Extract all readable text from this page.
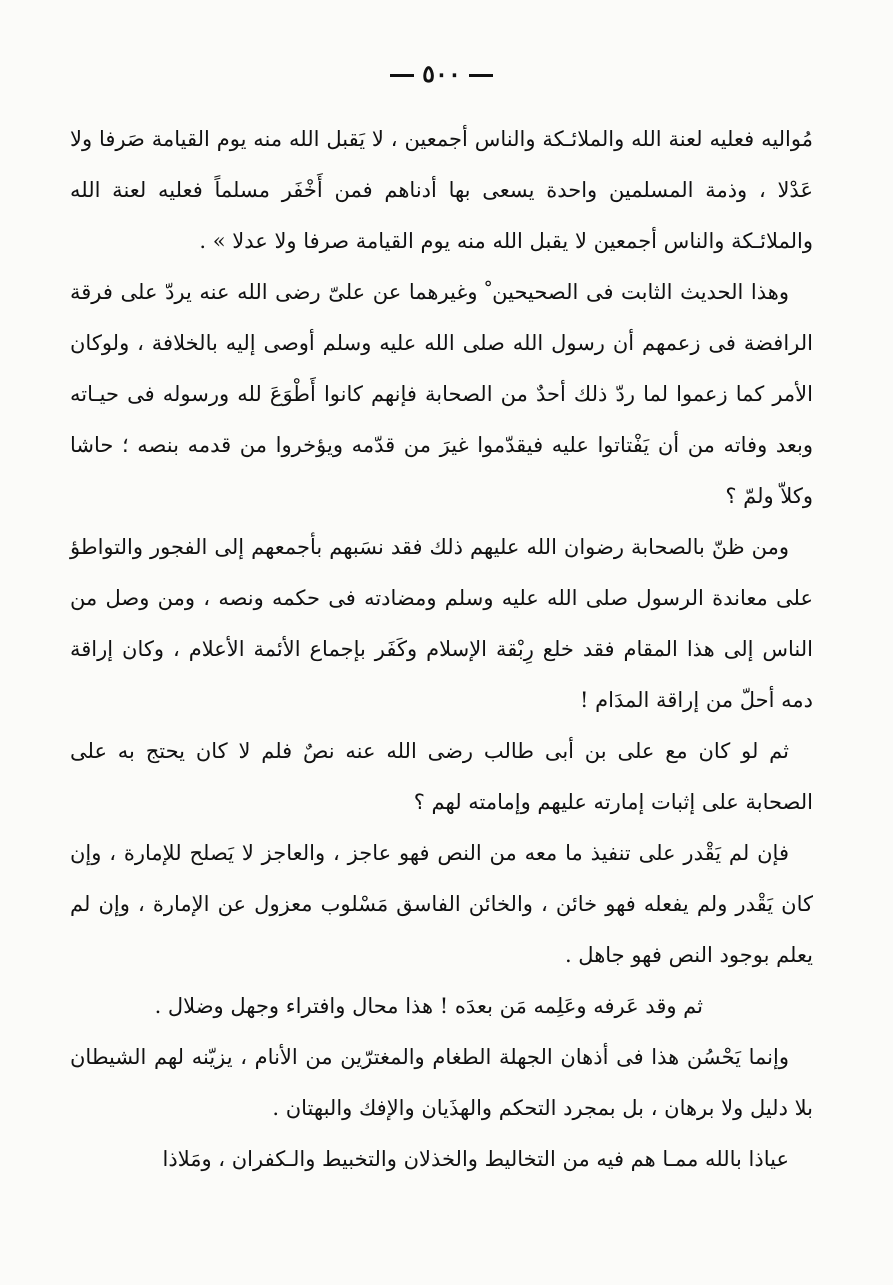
٥٠٠

مُواليه فعليه لعنة الله والملائـكة والناس أجمعين ، لا يَقبل الله منه يوم القيامة صَرفا ولا عَدْلا ، وذمة المسلمين واحدة يسعى بها أدناهم فمن أَخْفَر مسلماً فعليه لعنة الله والملائـكة والناس أجمعين لا يقبل الله منه يوم القيامة صرفا ولا عدلا » .

وهذا الحديث الثابت فى الصحيحين ْ وغيرهما عن علىّ رضى الله عنه يردّ على فرقة الرافضة فى زعمهم أن رسول الله صلى الله عليه وسلم أوصى إليه بالخلافة ، ولوكان الأمر كما زعموا لما ردّ ذلك أحدٌ من الصحابة فإنهم كانوا أَطْوَعَ لله ورسوله فى حيـاته وبعد وفاته من أن يَفْتاتوا عليه فيقدّموا غيرَ من قدّمه ويؤخروا من قدمه بنصه ؛ حاشا وكلاّ ولمّ ؟

ومن ظنّ بالصحابة رضوان الله عليهم ذلك فقد نسَبهم بأجمعهم إلى الفجور والتواطؤ على معاندة الرسول صلى الله عليه وسلم ومضادته فى حكمه ونصه ، ومن وصل من الناس إلى هذا المقام فقد خلع رِبْقة الإسلام وكَفَر بإجماع الأئمة الأعلام ، وكان إراقة دمه أحلّ من إراقة المدَام !

ثم لو كان مع على بن أبى طالب رضى الله عنه نصٌ فلم لا كان يحتج به على الصحابة على إثبات إمارته عليهم وإمامته لهم ؟

فإن لم يَقْدر على تنفيذ ما معه من النص فهو عاجز ، والعاجز لا يَصلح للإمارة ، وإن كان يَقْدر ولم يفعله فهو خائن ، والخائن الفاسق مَسْلوب معزول عن الإمارة ، وإن لم يعلم بوجود النص فهو جاهل .

ثم وقد عَرفه وعَلِمه مَن بعدَه ! هذا محال وافتراء وجهل وضلال .

وإنما يَحْسُن هذا فى أذهان الجهلة الطغام والمغترّين من الأنام ، يزيّنه لهم الشيطان بلا دليل ولا برهان ، بل بمجرد التحكم والهذَيان والإفك والبهتان .

عياذا بالله ممـا هم فيه من التخاليط والخذلان والتخبيط والـكفران ، ومَلاذا
